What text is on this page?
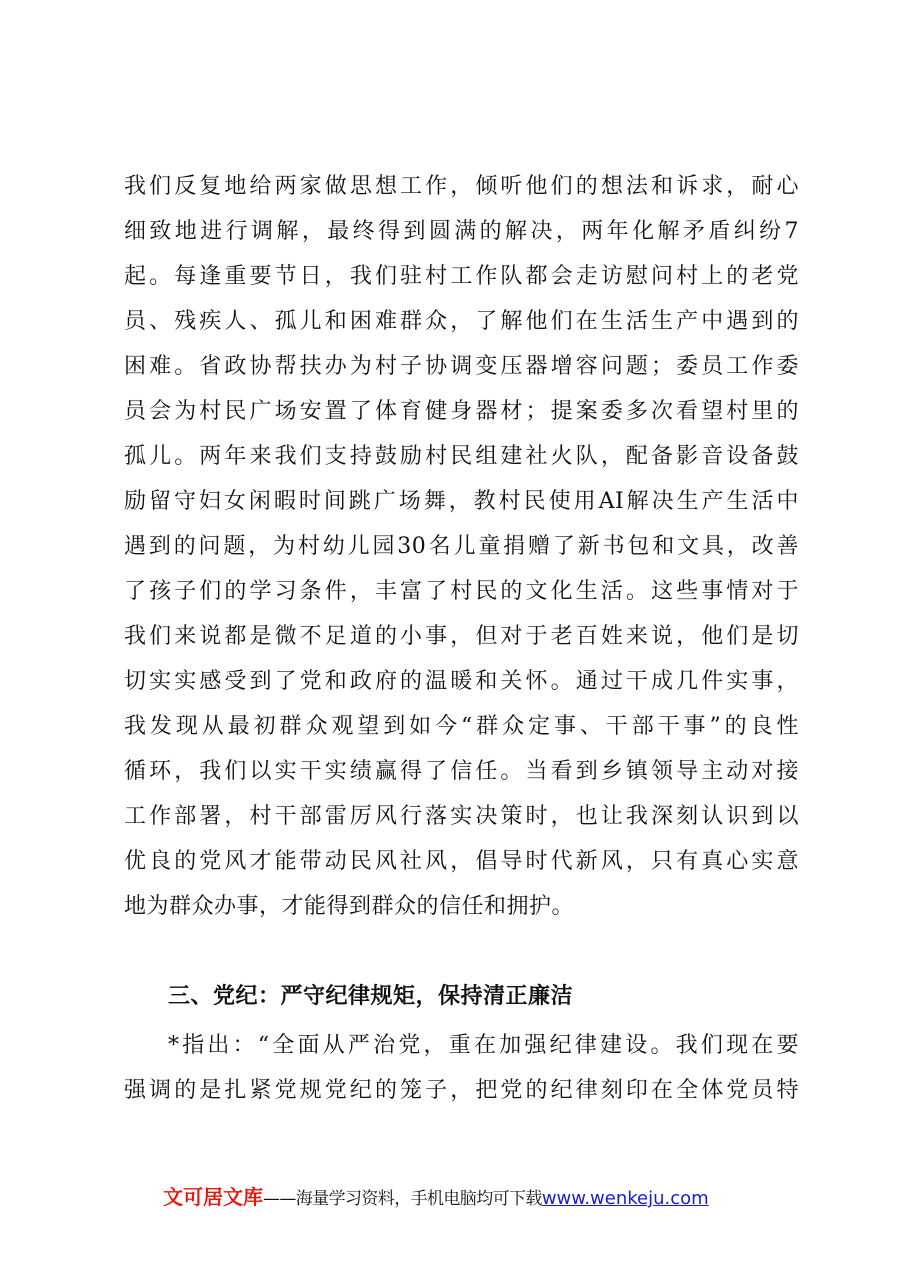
我们反复地给两家做思想工作，倾听他们的想法和诉求，耐心
细致地进行调解，最终得到圆满的解决，两年化解矛盾纠纷7
起。每逢重要节日，我们驻村工作队都会走访慰问村上的老党
员、残疾人、孤儿和困难群众，了解他们在生活生产中遇到的
困难。省政协帮扶办为村子协调变压器增容问题；委员工作委
员会为村民广场安置了体育健身器材；提案委多次看望村里的
孤儿。两年来我们支持鼓励村民组建社火队，配备影音设备鼓
励留守妇女闲暇时间跳广场舞，教村民使用AI解决生产生活中
遇到的问题，为村幼儿园30名儿童捐赠了新书包和文具，改善
了孩子们的学习条件，丰富了村民的文化生活。这些事情对于
我们来说都是微不足道的小事，但对于老百姓来说，他们是切
切实实感受到了党和政府的温暖和关怀。通过干成几件实事，
我发现从最初群众观望到如今“群众定事、干部干事”的良性
循环，我们以实干实绩赢得了信任。当看到乡镇领导主动对接
工作部署，村干部雷厉风行落实决策时，也让我深刻认识到以
优良的党风才能带动民风社风，倡导时代新风，只有真心实意
地为群众办事，才能得到群众的信任和拥护。
三、党纪：严守纪律规矩，保持清正廉洁
*指出：“全面从严治党，重在加强纪律建设。我们现在要
强调的是扎紧党规党纪的笼子，把党的纪律刻印在全体党员特
文可居文库——海量学习资料，手机电脑均可下载www.wenkeju.com
